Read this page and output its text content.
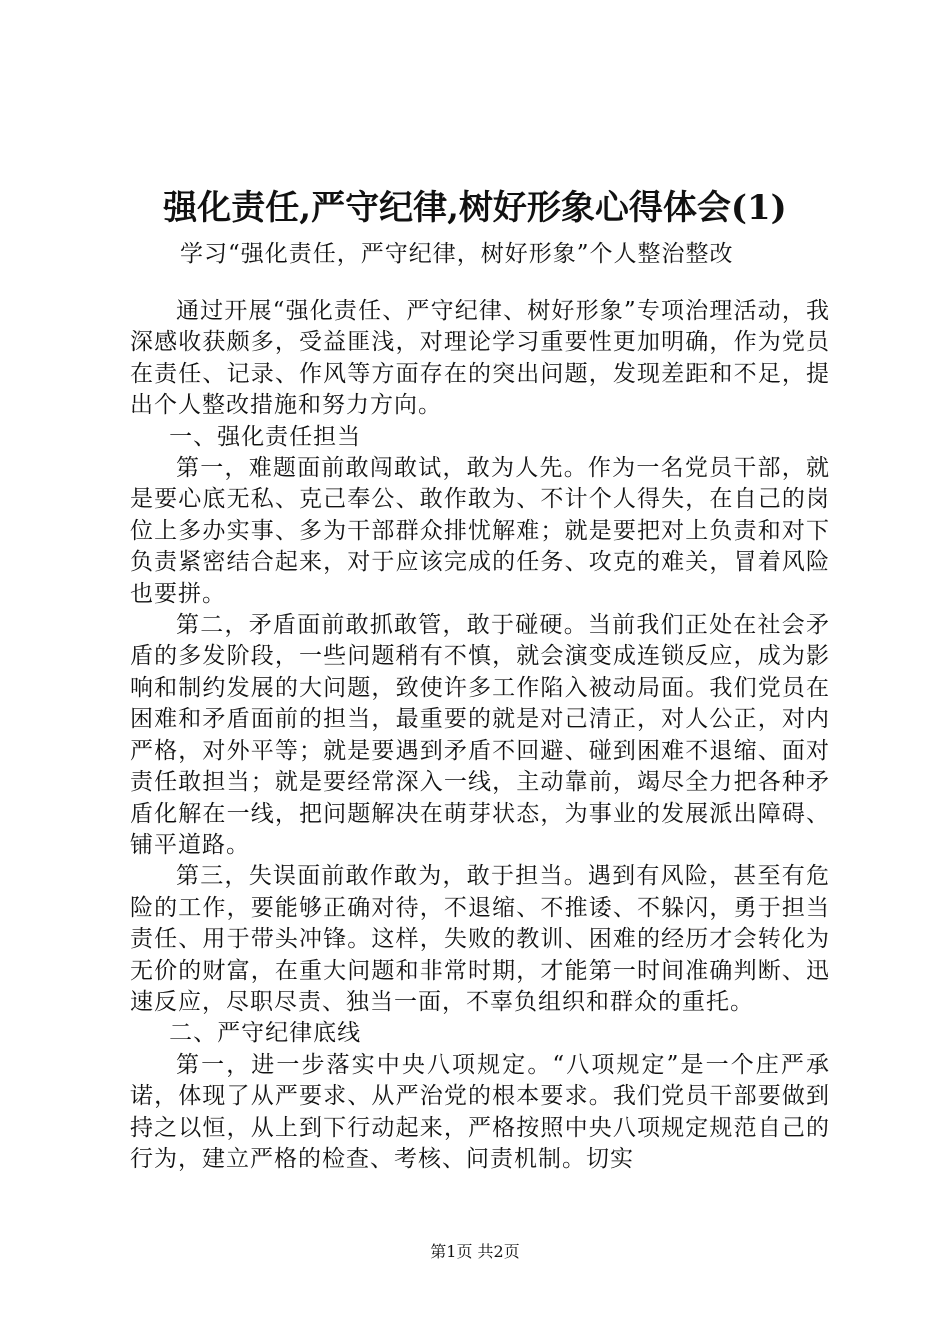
强化责任,严守纪律,树好形象心得体会(1)
学习“强化责任，严守纪律，树好形象”个人整治整改

通过开展“强化责任、严守纪律、树好形象”专项治理活动，我深感收获颇多，受益匪浅，对理论学习重要性更加明确，作为党员在责任、记录、作风等方面存在的突出问题，发现差距和不足，提出个人整改措施和努力方向。

一、强化责任担当

第一，难题面前敢闯敢试，敢为人先。作为一名党员干部，就是要心底无私、克己奉公、敢作敢为、不计个人得失，在自己的岗位上多办实事、多为干部群众排忧解难；就是要把对上负责和对下负责紧密结合起来，对于应该完成的任务、攻克的难关，冒着风险也要拼。

第二，矛盾面前敢抓敢管，敢于碰硬。当前我们正处在社会矛盾的多发阶段，一些问题稍有不慎，就会演变成连锁反应，成为影响和制约发展的大问题，致使许多工作陷入被动局面。我们党员在困难和矛盾面前的担当，最重要的就是对己清正，对人公正，对内严格，对外平等；就是要遇到矛盾不回避、碰到困难不退缩、面对责任敢担当；就是要经常深入一线，主动靠前，竭尽全力把各种矛盾化解在一线，把问题解决在萌芽状态，为事业的发展派出障碍、铺平道路。

第三，失误面前敢作敢为，敢于担当。遇到有风险，甚至有危险的工作，要能够正确对待，不退缩、不推诿、不躲闪，勇于担当责任、用于带头冲锋。这样，失败的教训、困难的经历才会转化为无价的财富，在重大问题和非常时期，才能第一时间准确判断、迅速反应，尽职尽责、独当一面，不辜负组织和群众的重托。

二、严守纪律底线

第一，进一步落实中央八项规定。“八项规定”是一个庄严承诺，体现了从严要求、从严治党的根本要求。我们党员干部要做到持之以恒，从上到下行动起来，严格按照中央八项规定规范自己的行为，建立严格的检查、考核、问责机制。切实

第1页 共2页
